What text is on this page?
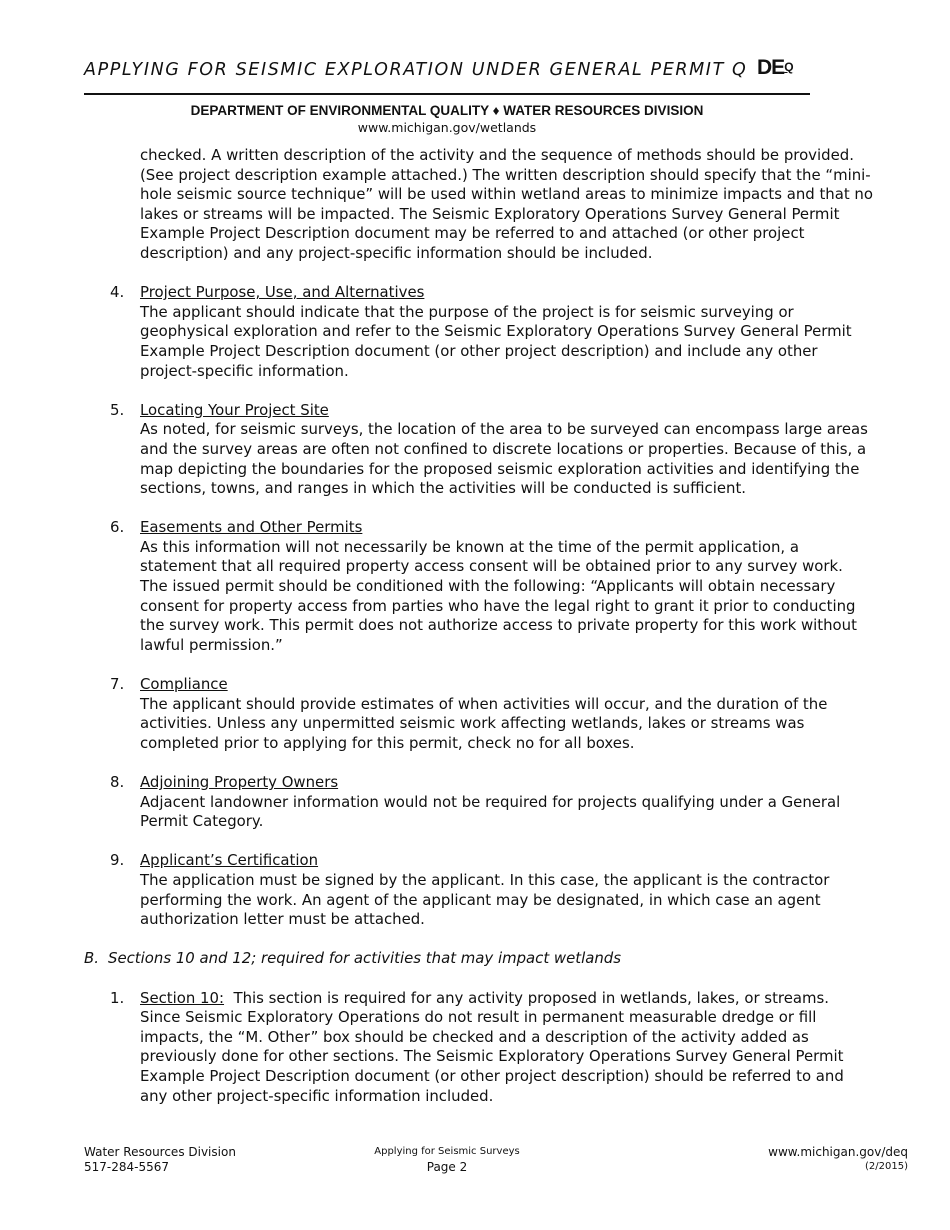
APPLYING FOR SEISMIC EXPLORATION UNDER GENERAL PERMIT Q DEQ
DEPARTMENT OF ENVIRONMENTAL QUALITY ♦ WATER RESOURCES DIVISION
www.michigan.gov/wetlands
checked. A written description of the activity and the sequence of methods should be provided. (See project description example attached.) The written description should specify that the “mini-hole seismic source technique” will be used within wetland areas to minimize impacts and that no lakes or streams will be impacted. The Seismic Exploratory Operations Survey General Permit Example Project Description document may be referred to and attached (or other project description) and any project-specific information should be included.
4. Project Purpose, Use, and Alternatives
The applicant should indicate that the purpose of the project is for seismic surveying or geophysical exploration and refer to the Seismic Exploratory Operations Survey General Permit Example Project Description document (or other project description) and include any other project-specific information.
5. Locating Your Project Site
As noted, for seismic surveys, the location of the area to be surveyed can encompass large areas and the survey areas are often not confined to discrete locations or properties. Because of this, a map depicting the boundaries for the proposed seismic exploration activities and identifying the sections, towns, and ranges in which the activities will be conducted is sufficient.
6. Easements and Other Permits
As this information will not necessarily be known at the time of the permit application, a statement that all required property access consent will be obtained prior to any survey work. The issued permit should be conditioned with the following: “Applicants will obtain necessary consent for property access from parties who have the legal right to grant it prior to conducting the survey work. This permit does not authorize access to private property for this work without lawful permission.”
7. Compliance
The applicant should provide estimates of when activities will occur, and the duration of the activities. Unless any unpermitted seismic work affecting wetlands, lakes or streams was completed prior to applying for this permit, check no for all boxes.
8. Adjoining Property Owners
Adjacent landowner information would not be required for projects qualifying under a General Permit Category.
9. Applicant’s Certification
The application must be signed by the applicant. In this case, the applicant is the contractor performing the work. An agent of the applicant may be designated, in which case an agent authorization letter must be attached.
B. Sections 10 and 12; required for activities that may impact wetlands
1. Section 10: This section is required for any activity proposed in wetlands, lakes, or streams. Since Seismic Exploratory Operations do not result in permanent measurable dredge or fill impacts, the “M. Other” box should be checked and a description of the activity added as previously done for other sections. The Seismic Exploratory Operations Survey General Permit Example Project Description document (or other project description) should be referred to and any other project-specific information included.
Water Resources Division
517-284-5567
Applying for Seismic Surveys
Page 2
www.michigan.gov/deq
(2/2015)
